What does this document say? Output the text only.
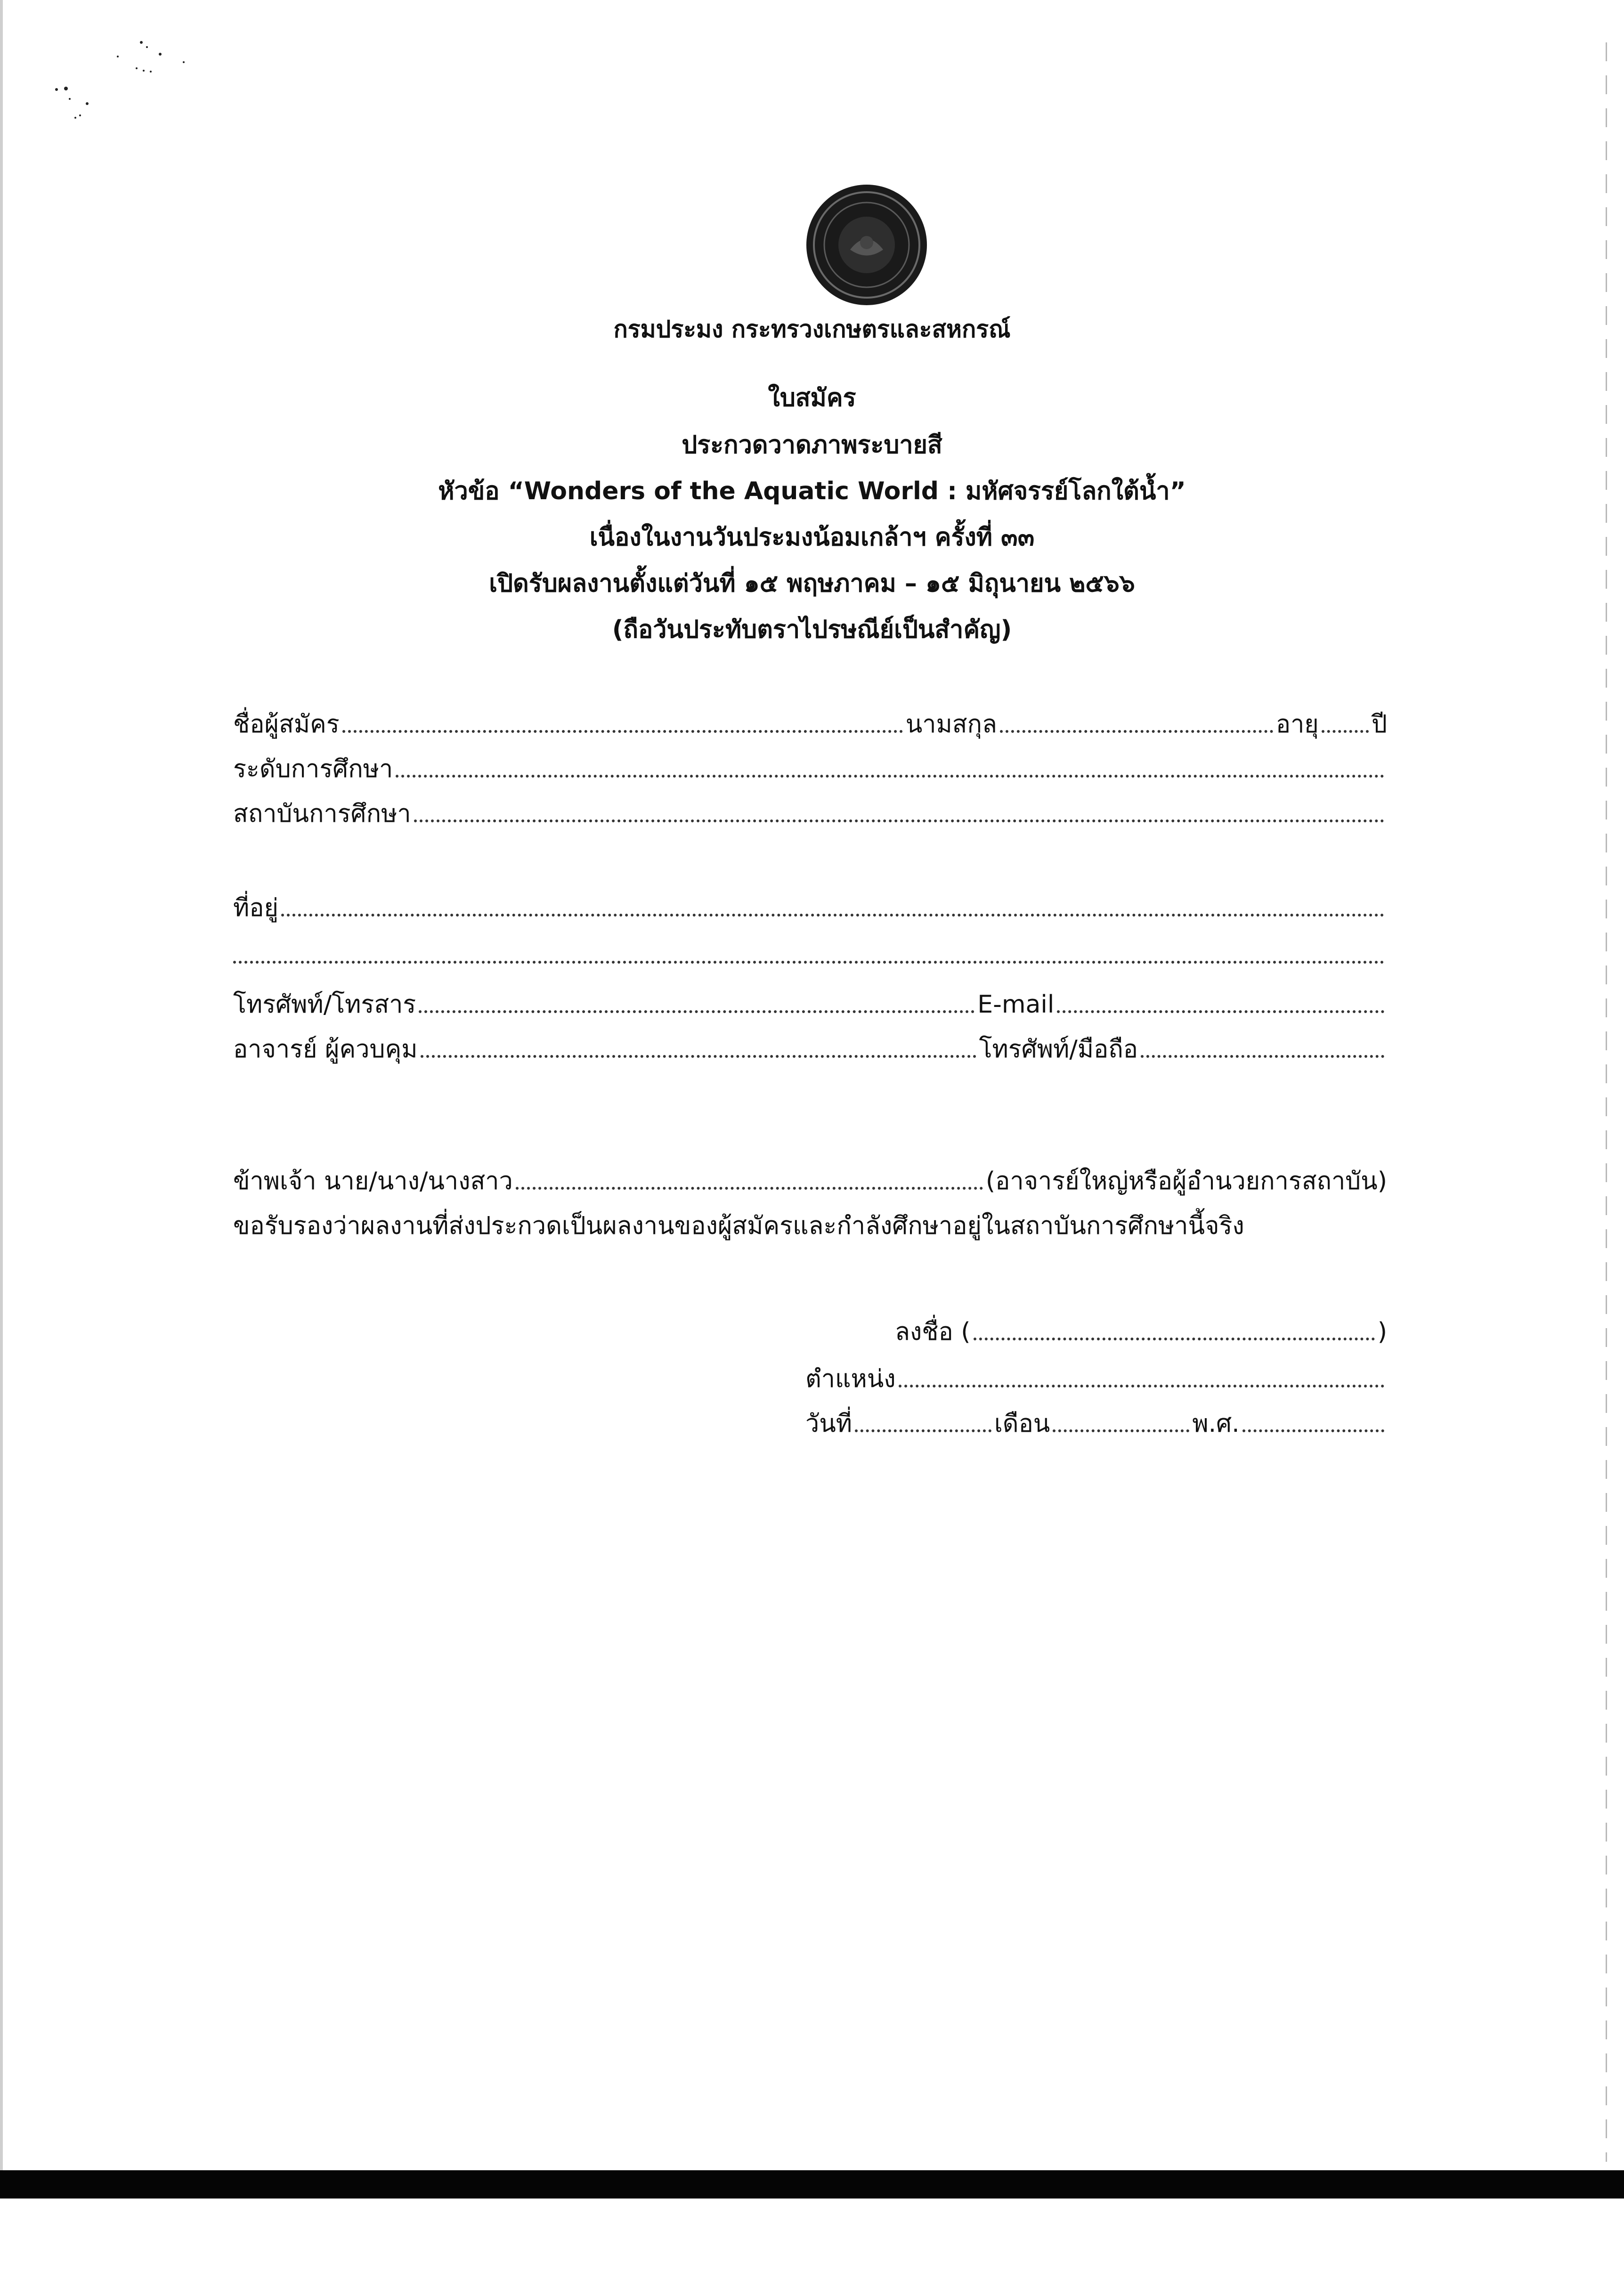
กรมประมง กระทรวงเกษตรและสหกรณ์
ใบสมัคร
ประกวดวาดภาพระบายสี
หัวข้อ “Wonders of the Aquatic World : มหัศจรรย์โลกใต้น้ำ”
เนื่องในงานวันประมงน้อมเกล้าฯ ครั้งที่ ๓๓
เปิดรับผลงานตั้งแต่วันที่ ๑๕ พฤษภาคม – ๑๕ มิถุนายน ๒๕๖๖
(ถือวันประทับตราไปรษณีย์เป็นสำคัญ)
ชื่อผู้สมัคร	นามสกุล	อายุ ปี
ระดับการศึกษา
สถาบันการศึกษา
ที่อยู่
โทรศัพท์/โทรสาร	E-mail
อาจารย์ ผู้ควบคุม	โทรศัพท์/มือถือ
ข้าพเจ้า นาย/นาง/นางสาว	(อาจารย์ใหญ่หรือผู้อำนวยการสถาบัน)
ขอรับรองว่าผลงานที่ส่งประกวดเป็นผลงานของผู้สมัครและกำลังศึกษาอยู่ในสถาบันการศึกษานี้จริง
ลงชื่อ (	)
ตำแหน่ง
วันที่	เดือน	พ.ศ.
